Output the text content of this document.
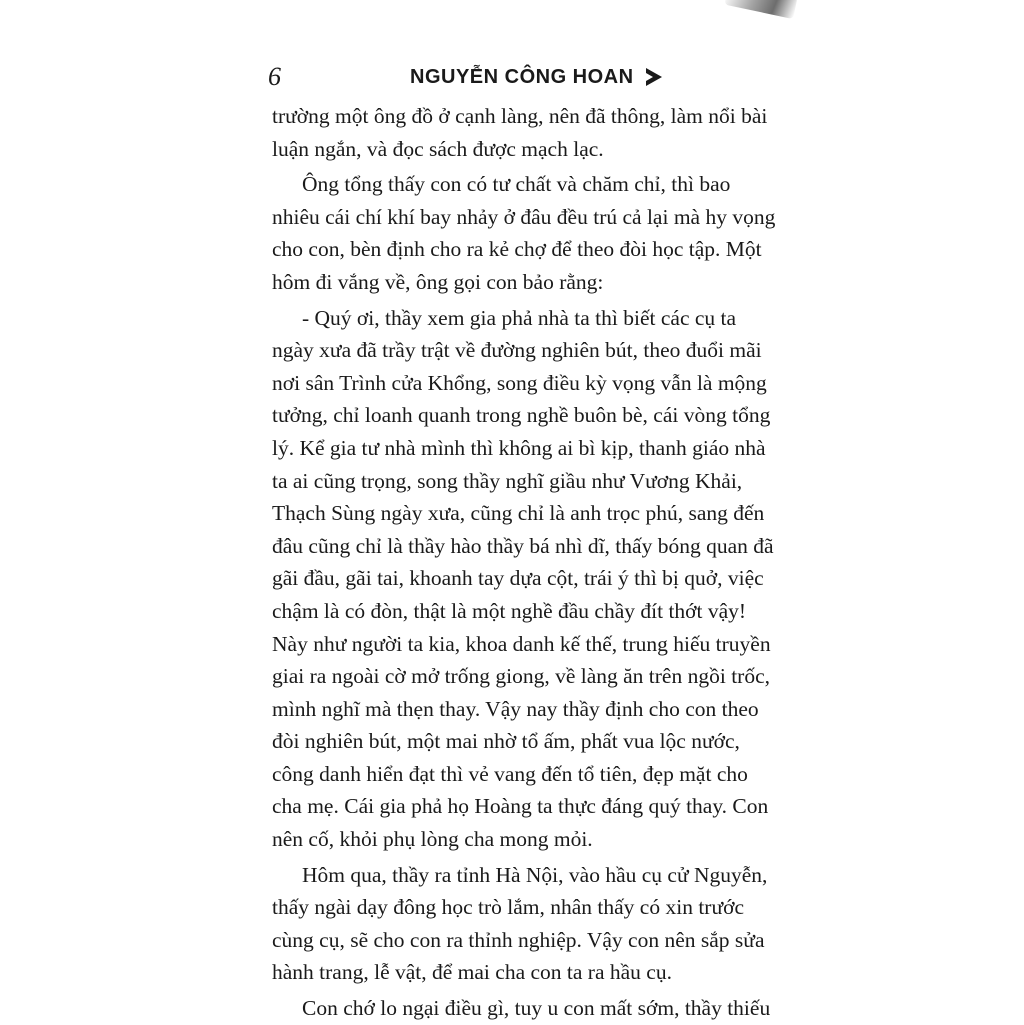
6	NGUYỄN CÔNG HOAN

trường một ông đồ ở cạnh làng, nên đã thông, làm nổi bài
luận ngắn, và đọc sách được mạch lạc.

Ông tổng thấy con có tư chất và chăm chỉ, thì bao
nhiêu cái chí khí bay nhảy ở đâu đều trú cả lại mà hy vọng
cho con, bèn định cho ra kẻ chợ để theo đòi học tập. Một
hôm đi vắng về, ông gọi con bảo rằng:

- Quý ơi, thầy xem gia phả nhà ta thì biết các cụ ta
ngày xưa đã trầy trật về đường nghiên bút, theo đuổi mãi
nơi sân Trình cửa Khổng, song điều kỳ vọng vẫn là mộng
tưởng, chỉ loanh quanh trong nghề buôn bè, cái vòng tổng
lý. Kể gia tư nhà mình thì không ai bì kịp, thanh giáo nhà
ta ai cũng trọng, song thầy nghĩ giầu như Vương Khải,
Thạch Sùng ngày xưa, cũng chỉ là anh trọc phú, sang đến
đâu cũng chỉ là thầy hào thầy bá nhì dĩ, thấy bóng quan đã
gãi đầu, gãi tai, khoanh tay dựa cột, trái ý thì bị quở, việc
chậm là có đòn, thật là một nghề đầu chầy đít thớt vậy!
Này như người ta kia, khoa danh kế thế, trung hiếu truyền
giai ra ngoài cờ mở trống giong, về làng ăn trên ngồi trốc,
mình nghĩ mà thẹn thay. Vậy nay thầy định cho con theo
đòi nghiên bút, một mai nhờ tổ ấm, phất vua lộc nước,
công danh hiển đạt thì vẻ vang đến tổ tiên, đẹp mặt cho
cha mẹ. Cái gia phả họ Hoàng ta thực đáng quý thay. Con
nên cố, khỏi phụ lòng cha mong mỏi.

Hôm qua, thầy ra tỉnh Hà Nội, vào hầu cụ cử Nguyễn,
thấy ngài dạy đông học trò lắm, nhân thấy có xin trước
cùng cụ, sẽ cho con ra thỉnh nghiệp. Vậy con nên sắp sửa
hành trang, lễ vật, để mai cha con ta ra hầu cụ.

Con chớ lo ngại điều gì, tuy u con mất sớm, thầy thiếu
